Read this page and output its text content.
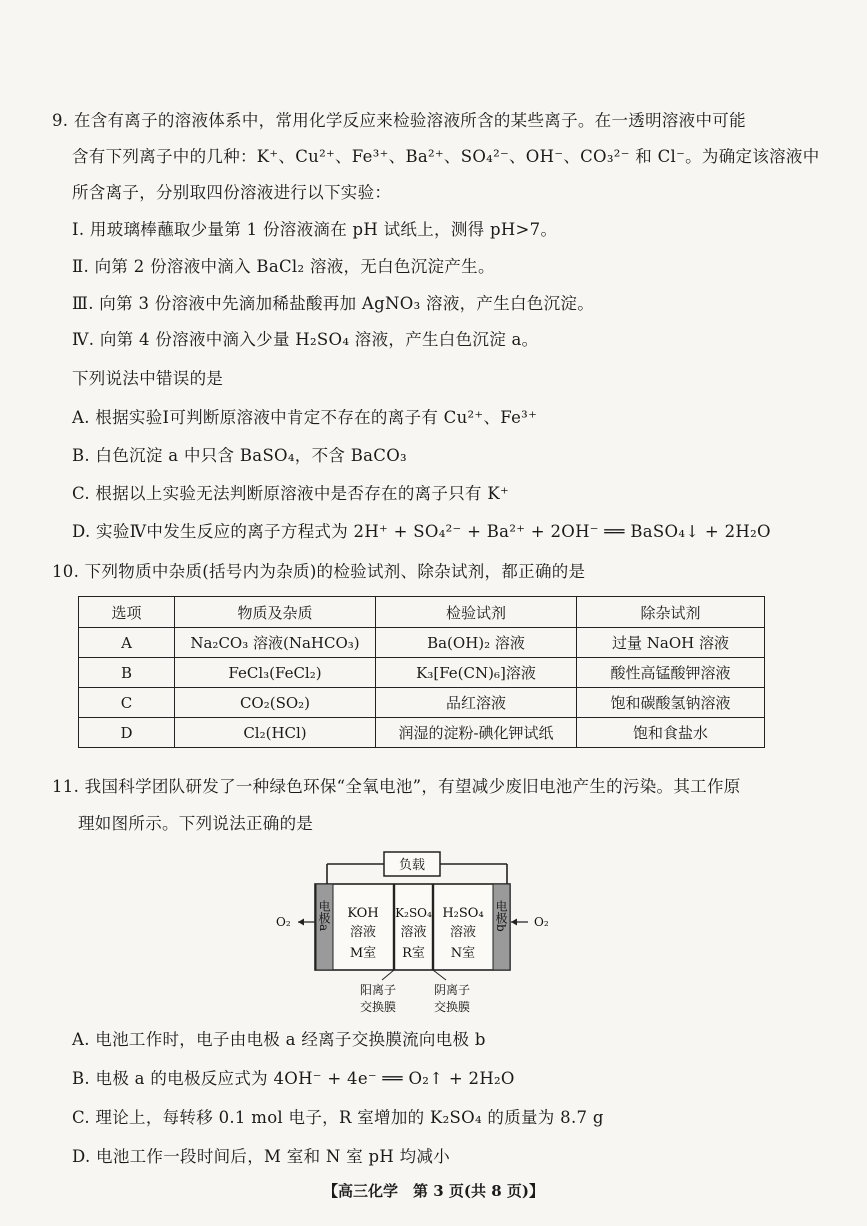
9. 在含有离子的溶液体系中，常用化学反应来检验溶液所含的某些离子。在一透明溶液中可能
含有下列离子中的几种：K⁺、Cu²⁺、Fe³⁺、Ba²⁺、SO₄²⁻、OH⁻、CO₃²⁻ 和 Cl⁻。为确定该溶液中
所含离子，分别取四份溶液进行以下实验：
Ⅰ. 用玻璃棒蘸取少量第 1 份溶液滴在 pH 试纸上，测得 pH>7。
Ⅱ. 向第 2 份溶液中滴入 BaCl₂ 溶液，无白色沉淀产生。
Ⅲ. 向第 3 份溶液中先滴加稀盐酸再加 AgNO₃ 溶液，产生白色沉淀。
Ⅳ. 向第 4 份溶液中滴入少量 H₂SO₄ 溶液，产生白色沉淀 a。
下列说法中错误的是
A. 根据实验Ⅰ可判断原溶液中肯定不存在的离子有 Cu²⁺、Fe³⁺
B. 白色沉淀 a 中只含 BaSO₄，不含 BaCO₃
C. 根据以上实验无法判断原溶液中是否存在的离子只有 K⁺
D. 实验Ⅳ中发生反应的离子方程式为 2H⁺ + SO₄²⁻ + Ba²⁺ + 2OH⁻ ══ BaSO₄↓ + 2H₂O
10. 下列物质中杂质(括号内为杂质)的检验试剂、除杂试剂，都正确的是
选项	物质及杂质	检验试剂	除杂试剂
A	Na₂CO₃ 溶液(NaHCO₃)	Ba(OH)₂ 溶液	过量 NaOH 溶液
B	FeCl₃(FeCl₂)	K₃[Fe(CN)₆]溶液	酸性高锰酸钾溶液
C	CO₂(SO₂)	品红溶液	饱和碳酸氢钠溶液
D	Cl₂(HCl)	润湿的淀粉-碘化钾试纸	饱和食盐水
11. 我国科学团队研发了一种绿色环保“全氧电池”，有望减少废旧电池产生的污染。其工作原
理如图所示。下列说法正确的是
负载
电极a	电极b
O₂	O₂
KOH
溶液
M室
K₂SO₄
溶液
R室
H₂SO₄
溶液
N室
阳离子
交换膜
阴离子
交换膜
A. 电池工作时，电子由电极 a 经离子交换膜流向电极 b
B. 电极 a 的电极反应式为 4OH⁻ + 4e⁻ ══ O₂↑ + 2H₂O
C. 理论上，每转移 0.1 mol 电子，R 室增加的 K₂SO₄ 的质量为 8.7 g
D. 电池工作一段时间后，M 室和 N 室 pH 均减小
【高三化学　第 3 页(共 8 页)】
